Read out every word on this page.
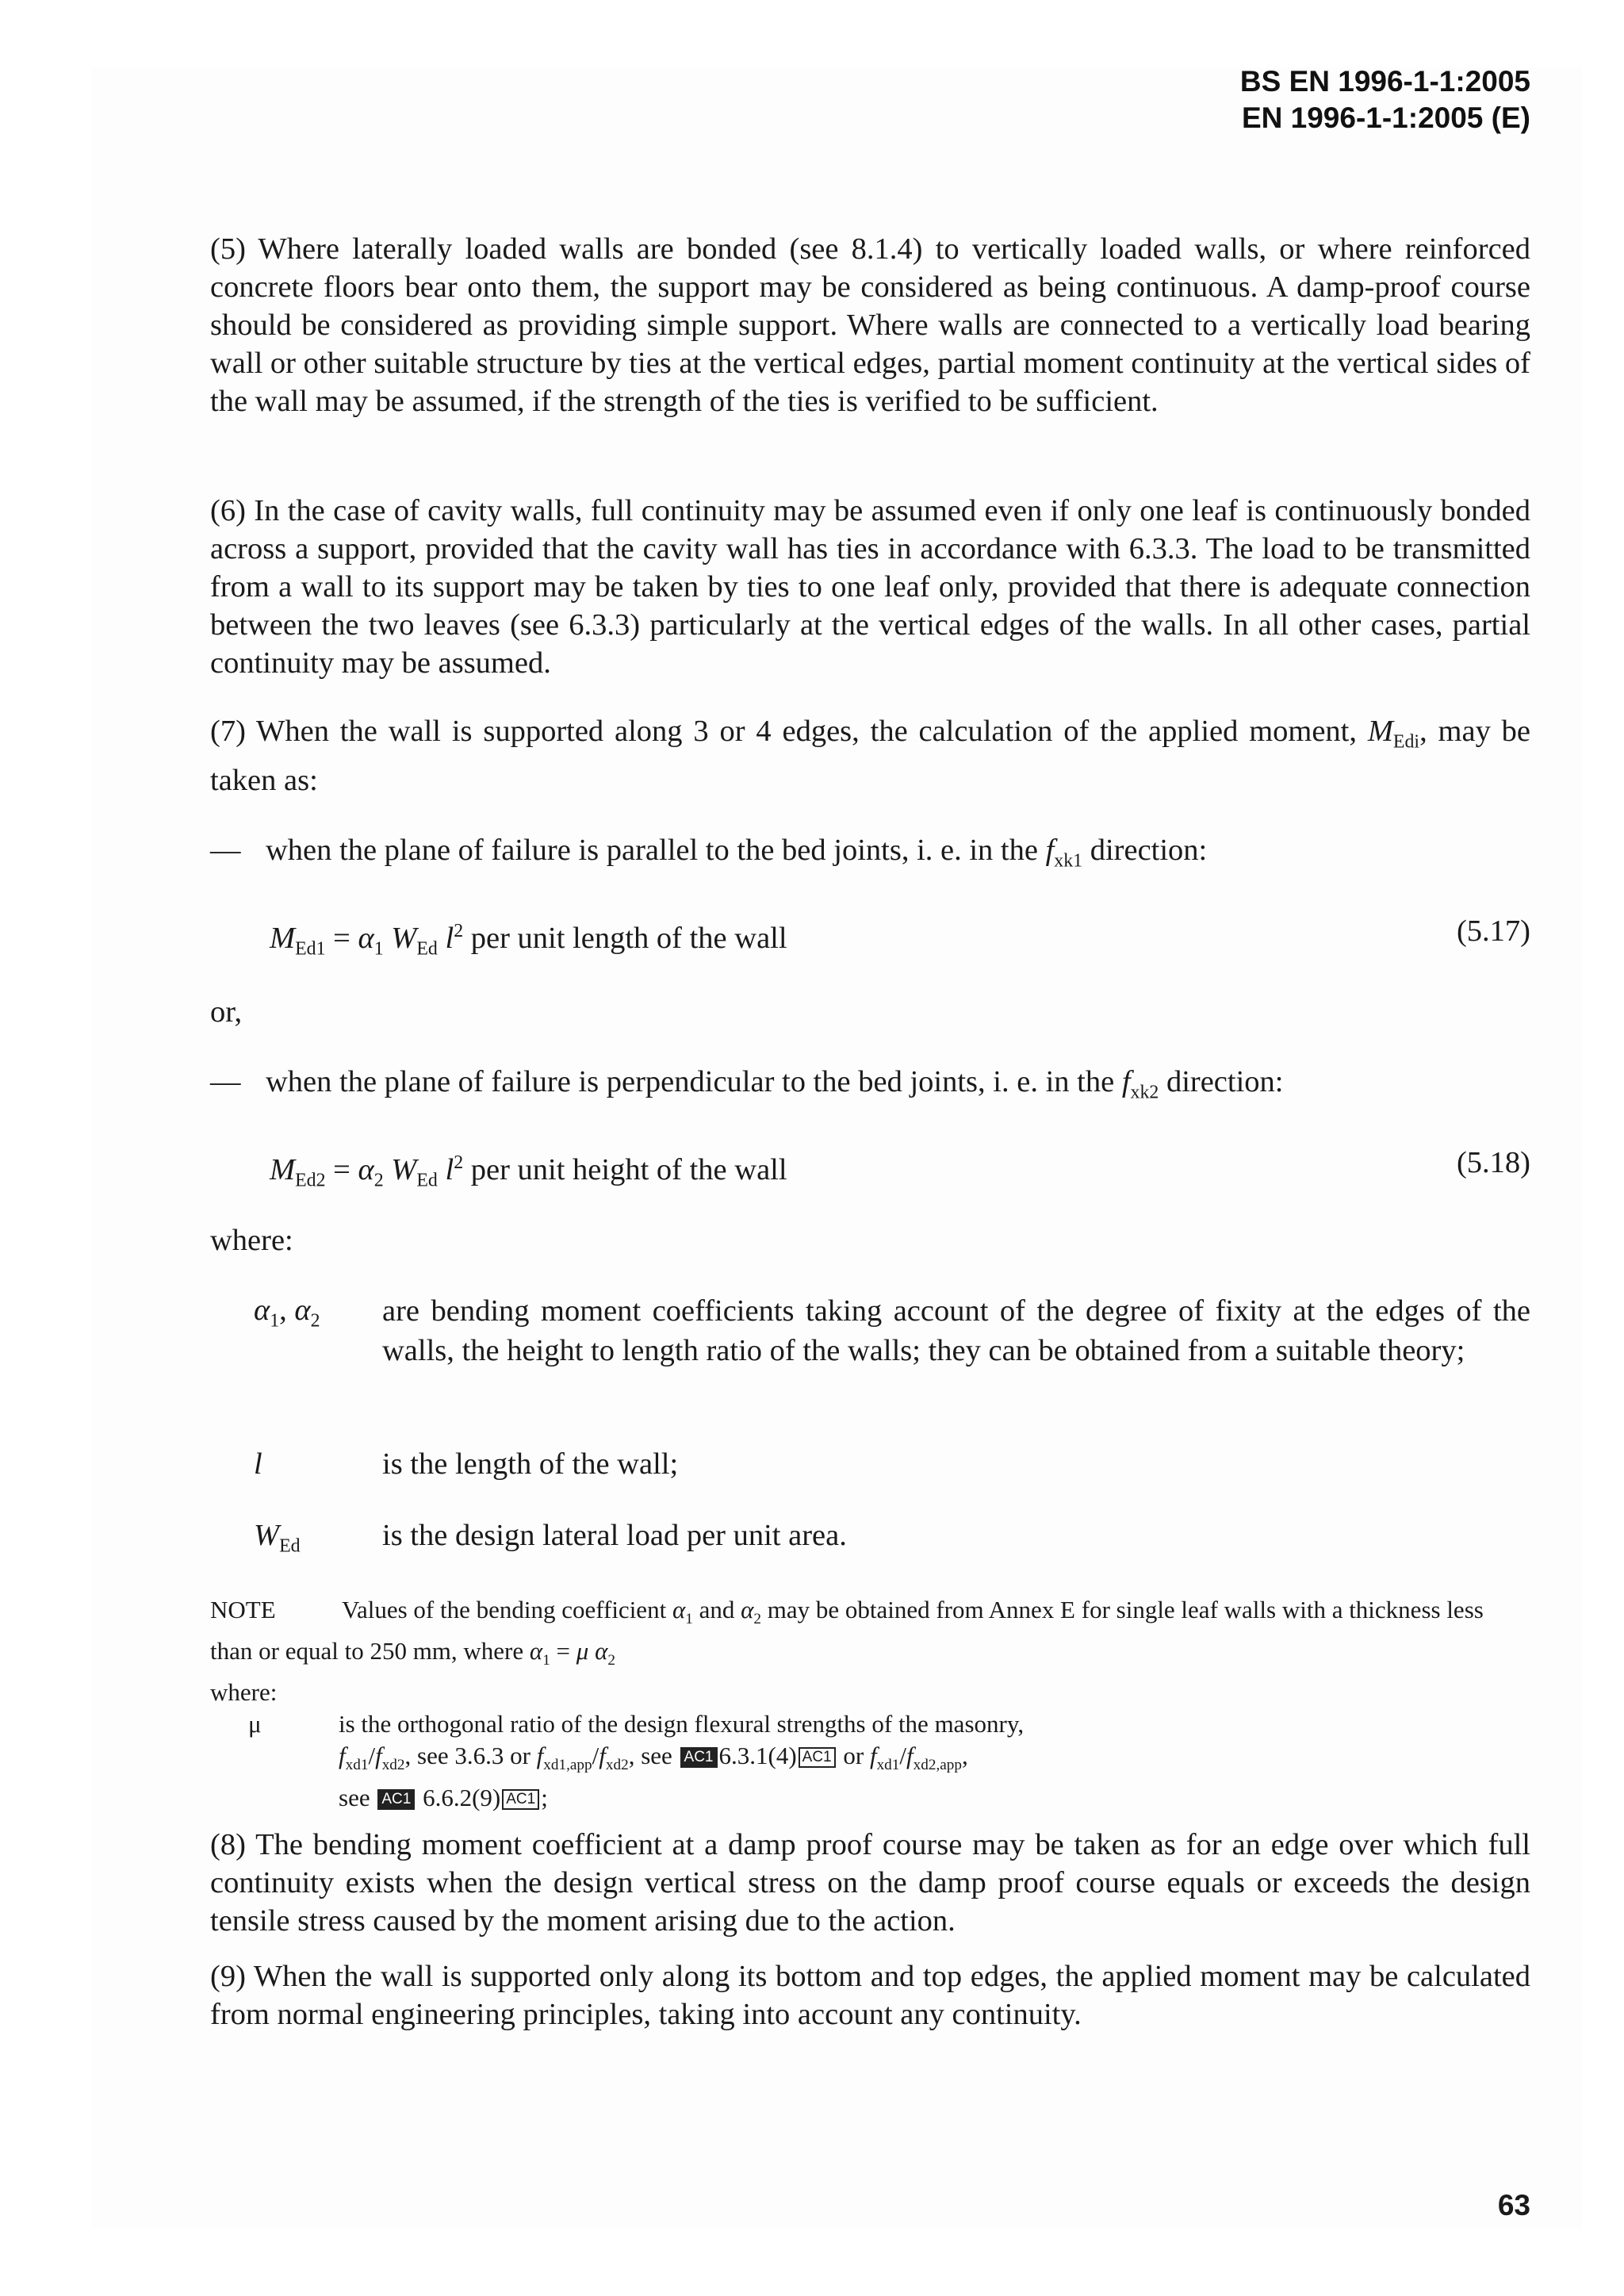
BS EN 1996-1-1:2005
EN 1996-1-1:2005 (E)
(5) Where laterally loaded walls are bonded (see 8.1.4) to vertically loaded walls, or where reinforced concrete floors bear onto them, the support may be considered as being continuous. A damp-proof course should be considered as providing simple support. Where walls are connected to a vertically load bearing wall or other suitable structure by ties at the vertical edges, partial moment continuity at the vertical sides of the wall may be assumed, if the strength of the ties is verified to be sufficient.
(6) In the case of cavity walls, full continuity may be assumed even if only one leaf is continuously bonded across a support, provided that the cavity wall has ties in accordance with 6.3.3. The load to be transmitted from a wall to its support may be taken by ties to one leaf only, provided that there is adequate connection between the two leaves (see 6.3.3) particularly at the vertical edges of the walls. In all other cases, partial continuity may be assumed.
(7) When the wall is supported along 3 or 4 edges, the calculation of the applied moment, $M_{Edi}$, may be taken as:
— when the plane of failure is parallel to the bed joints, i. e. in the $f_{xk1}$ direction:
$M_{Ed1} = \alpha_1$ $W_{Ed}$ $l^2$ per unit length of the wall	(5.17)
or,
— when the plane of failure is perpendicular to the bed joints, i. e. in the $f_{xk2}$ direction:
$M_{Ed2} = \alpha_2$ $W_{Ed}$ $l^2$ per unit height of the wall	(5.18)
where:
$\alpha_1$, $\alpha_2$ are bending moment coefficients taking account of the degree of fixity at the edges of the walls, the height to length ratio of the walls; they can be obtained from a suitable theory;
l	is the length of the wall;
$W_{Ed}$	is the design lateral load per unit area.
NOTE	Values of the bending coefficient $\alpha_1$ and $\alpha_2$ may be obtained from Annex E for single leaf walls with a thickness less than or equal to 250 mm, where $\alpha_1 = \mu$ $\alpha_2$
where:
μ	is the orthogonal ratio of the design flexural strengths of the masonry,
$f_{xd1}/f_{xd2}$, see 3.6.3 or $f_{xd1,app}/f_{xd2}$, see AC1 6.3.1(4) AC1 or $f_{xd1}/f_{xd2,app}$,
see AC1 6.6.2(9) AC1 ;
(8) The bending moment coefficient at a damp proof course may be taken as for an edge over which full continuity exists when the design vertical stress on the damp proof course equals or exceeds the design tensile stress caused by the moment arising due to the action.
(9) When the wall is supported only along its bottom and top edges, the applied moment may be calculated from normal engineering principles, taking into account any continuity.
63
